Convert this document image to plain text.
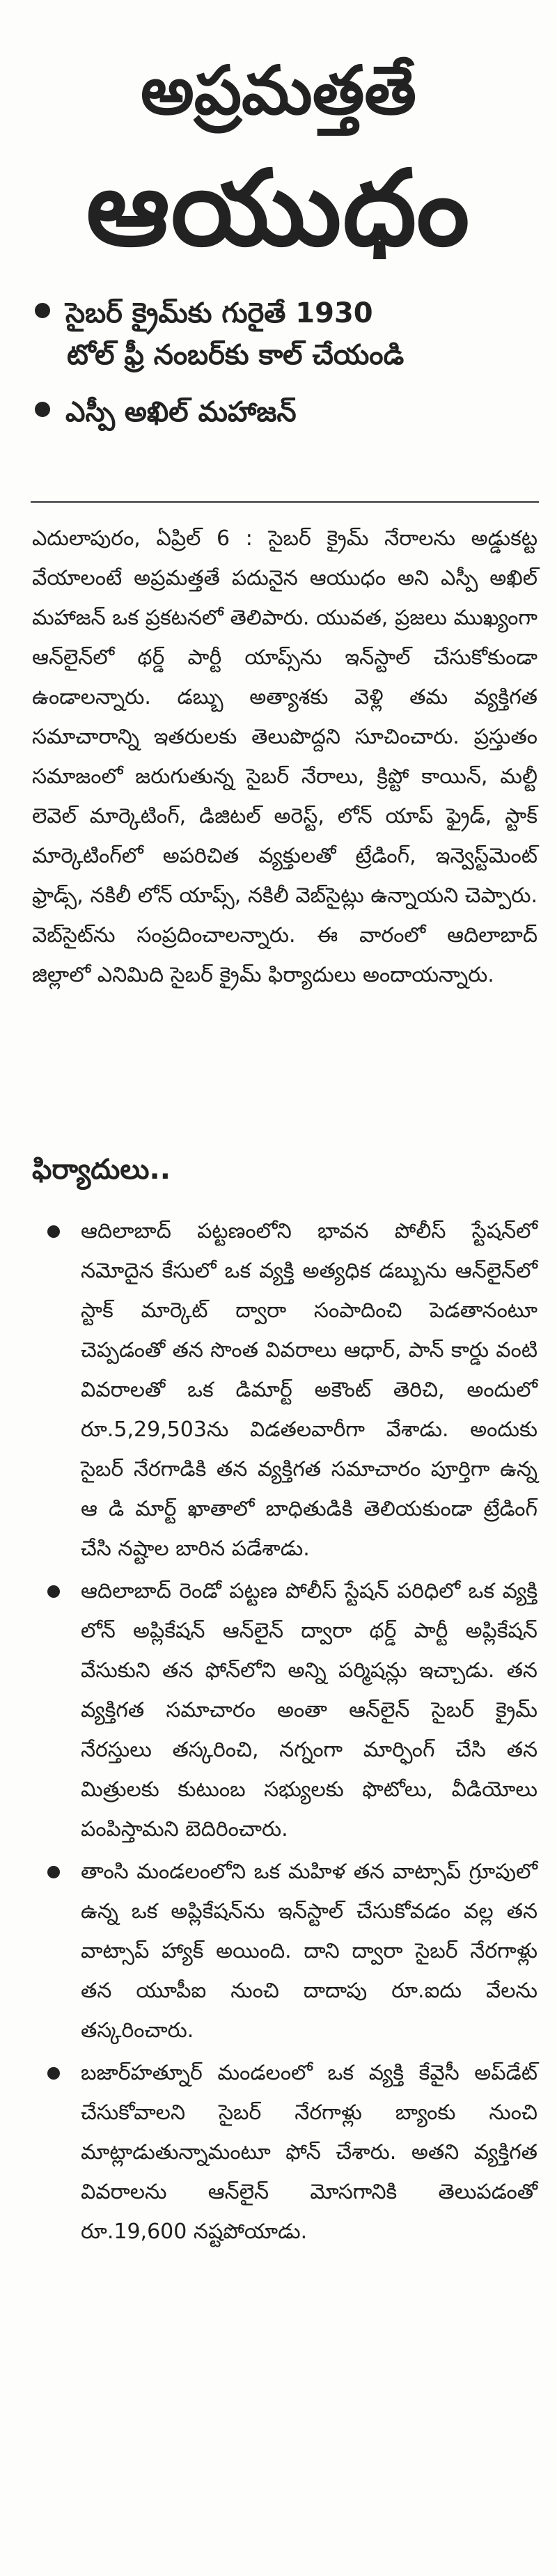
అప్రమత్తతే
ఆయుధం
సైబర్ క్రైమ్‌కు గురైతే 1930
టోల్ ఫ్రీ నంబర్‌కు కాల్ చేయండి
ఎస్పీ అఖిల్ మహాజన్

ఎదులాపురం, ఏప్రిల్ 6 : సైబర్ క్రైమ్ నేరాలను అడ్డుకట్ట వేయాలంటే అప్రమత్తతే పదునైన ఆయుధం అని ఎస్పీ అఖిల్ మహాజన్ ఒక ప్రకటనలో తెలిపారు. యువత, ప్రజలు ముఖ్యంగా ఆన్‌లైన్‌లో థర్డ్ పార్టీ యాప్స్‌ను ఇన్‌స్టాల్ చేసుకోకుండా ఉండాలన్నారు. డబ్బు అత్యాశకు వెళ్లి తమ వ్యక్తిగత సమాచారాన్ని ఇతరులకు తెలుపొద్దని సూచించారు. ప్రస్తుతం సమాజంలో జరుగుతున్న సైబర్ నేరాలు, క్రిప్టో కాయిన్, మల్టీ లెవెల్ మార్కెటింగ్, డిజిటల్ అరెస్ట్, లోన్ యాప్ ఫ్రైడ్, స్టాక్ మార్కెటింగ్‌లో అపరిచిత వ్యక్తులతో ట్రేడింగ్, ఇన్వెస్ట్‌మెంట్ ఫ్రాడ్స్, నకిలీ లోన్ యాప్స్, నకిలీ వెబ్‌సైట్లు ఉన్నాయని చెప్పారు. వెబ్‌సైట్‌ను సంప్రదించాలన్నారు. ఈ వారంలో ఆదిలాబాద్ జిల్లాలో ఎనిమిది సైబర్ క్రైమ్ ఫిర్యాదులు అందాయన్నారు.

ఫిర్యాదులు..
ఆదిలాబాద్ పట్టణంలోని భావన పోలీస్ స్టేషన్‌లో నమోదైన కేసులో ఒక వ్యక్తి అత్యధిక డబ్బును ఆన్‌లైన్‌లో స్టాక్ మార్కెట్ ద్వారా సంపాదించి పెడతానంటూ చెప్పడంతో తన సొంత వివరాలు ఆధార్, పాన్ కార్డు వంటి వివరాలతో ఒక డిమార్ట్ అకౌంట్ తెరిచి, అందులో రూ.5,29,503ను విడతలవారీగా వేశాడు. అందుకు సైబర్ నేరగాడికి తన వ్యక్తిగత సమాచారం పూర్తిగా ఉన్న ఆ డి మార్ట్ ఖాతాలో బాధితుడికి తెలియకుండా ట్రేడింగ్ చేసి నష్టాల బారిన పడేశాడు.
ఆదిలాబాద్ రెండో పట్టణ పోలీస్ స్టేషన్ పరిధిలో ఒక వ్యక్తి లోన్ అప్లికేషన్ ఆన్‌లైన్ ద్వారా థర్డ్ పార్టీ అప్లికేషన్ వేసుకుని తన ఫోన్‌లోని అన్ని పర్మిషన్లు ఇచ్చాడు. తన వ్యక్తిగత సమాచారం అంతా ఆన్‌లైన్ సైబర్ క్రైమ్ నేరస్తులు తస్కరించి, నగ్నంగా మార్ఫింగ్ చేసి తన మిత్రులకు కుటుంబ సభ్యులకు ఫొటోలు, వీడియోలు పంపిస్తామని బెదిరించారు.
తాంసి మండలంలోని ఒక మహిళ తన వాట్సాప్ గ్రూపులో ఉన్న ఒక అప్లికేషన్‌ను ఇన్‌స్టాల్ చేసుకోవడం వల్ల తన వాట్సాప్ హ్యాక్ అయింది. దాని ద్వారా సైబర్ నేరగాళ్లు తన యూపీఐ నుంచి దాదాపు రూ.ఐదు వేలను తస్కరించారు.
బజార్‌హత్నూర్ మండలంలో ఒక వ్యక్తి కేవైసీ అప్‌డేట్ చేసుకోవాలని సైబర్ నేరగాళ్లు బ్యాంకు నుంచి మాట్లాడుతున్నామంటూ ఫోన్ చేశారు. అతని వ్యక్తిగత వివరాలను ఆన్‌లైన్ మోసగానికి తెలుపడంతో రూ.19,600 నష్టపోయాడు.
